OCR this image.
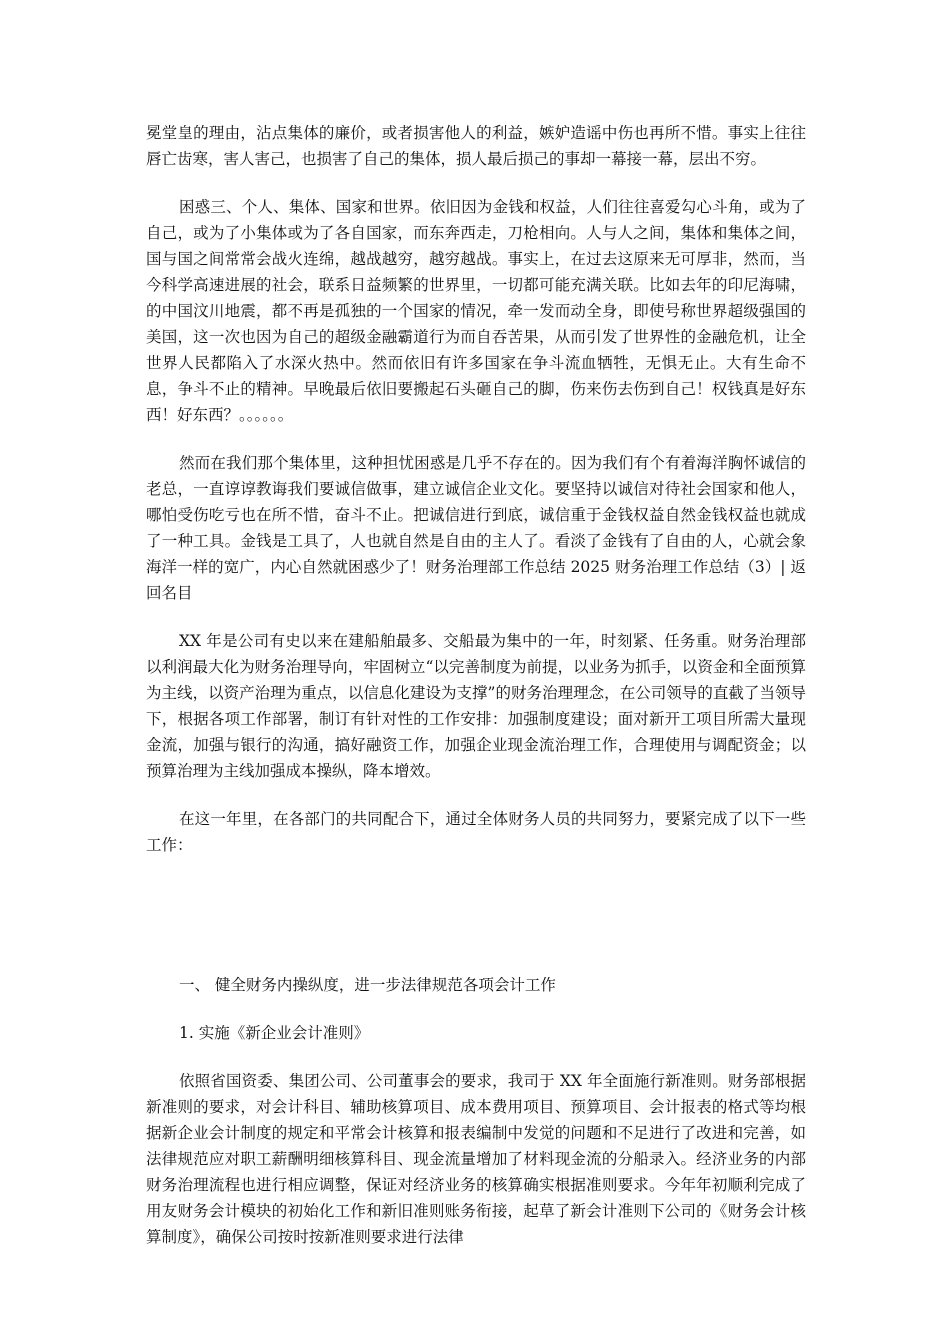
冕堂皇的理由，沾点集体的廉价，或者损害他人的利益，嫉妒造谣中伤也再所不惜。事实上往往唇亡齿寒，害人害己，也损害了自己的集体，损人最后损己的事却一幕接一幕，层出不穷。

困惑三、个人、集体、国家和世界。依旧因为金钱和权益，人们往往喜爱勾心斗角，或为了自己，或为了小集体或为了各自国家，而东奔西走，刀枪相向。人与人之间，集体和集体之间，国与国之间常常会战火连绵，越战越穷，越穷越战。事实上，在过去这原来无可厚非，然而，当今科学高速进展的社会，联系日益频繁的世界里，一切都可能充满关联。比如去年的印尼海啸，的中国汶川地震，都不再是孤独的一个国家的情况，牵一发而动全身，即使号称世界超级强国的美国，这一次也因为自己的超级金融霸道行为而自吞苦果，从而引发了世界性的金融危机，让全世界人民都陷入了水深火热中。然而依旧有许多国家在争斗流血牺牲，无惧无止。大有生命不息，争斗不止的精神。早晚最后依旧要搬起石头砸自己的脚，伤来伤去伤到自己！权钱真是好东西！好东西？。。。。。。

然而在我们那个集体里，这种担忧困惑是几乎不存在的。因为我们有个有着海洋胸怀诚信的老总，一直谆谆教诲我们要诚信做事，建立诚信企业文化。要坚持以诚信对待社会国家和他人，哪怕受伤吃亏也在所不惜，奋斗不止。把诚信进行到底，诚信重于金钱权益自然金钱权益也就成了一种工具。金钱是工具了，人也就自然是自由的主人了。看淡了金钱有了自由的人，心就会象海洋一样的宽广，内心自然就困惑少了！财务治理部工作总结 2025 财务治理工作总结（3）| 返回名目

XX 年是公司有史以来在建船舶最多、交船最为集中的一年，时刻紧、任务重。财务治理部以利润最大化为财务治理导向，牢固树立“以完善制度为前提，以业务为抓手，以资金和全面预算为主线，以资产治理为重点，以信息化建设为支撑”的财务治理理念，在公司领导的直截了当领导下，根据各项工作部署，制订有针对性的工作安排：加强制度建设；面对新开工项目所需大量现金流，加强与银行的沟通，搞好融资工作，加强企业现金流治理工作，合理使用与调配资金；以预算治理为主线加强成本操纵，降本增效。

在这一年里，在各部门的共同配合下，通过全体财务人员的共同努力，要紧完成了以下一些工作：

一、 健全财务内操纵度，进一步法律规范各项会计工作

1. 实施《新企业会计准则》

依照省国资委、集团公司、公司董事会的要求，我司于 XX 年全面施行新准则。财务部根据新准则的要求，对会计科目、辅助核算项目、成本费用项目、预算项目、会计报表的格式等均根据新企业会计制度的规定和平常会计核算和报表编制中发觉的问题和不足进行了改进和完善，如法律规范应对职工薪酬明细核算科目、现金流量增加了材料现金流的分船录入。经济业务的内部财务治理流程也进行相应调整，保证对经济业务的核算确实根据准则要求。今年年初顺利完成了用友财务会计模块的初始化工作和新旧准则账务衔接，起草了新会计准则下公司的《财务会计核算制度》，确保公司按时按新准则要求进行法律
